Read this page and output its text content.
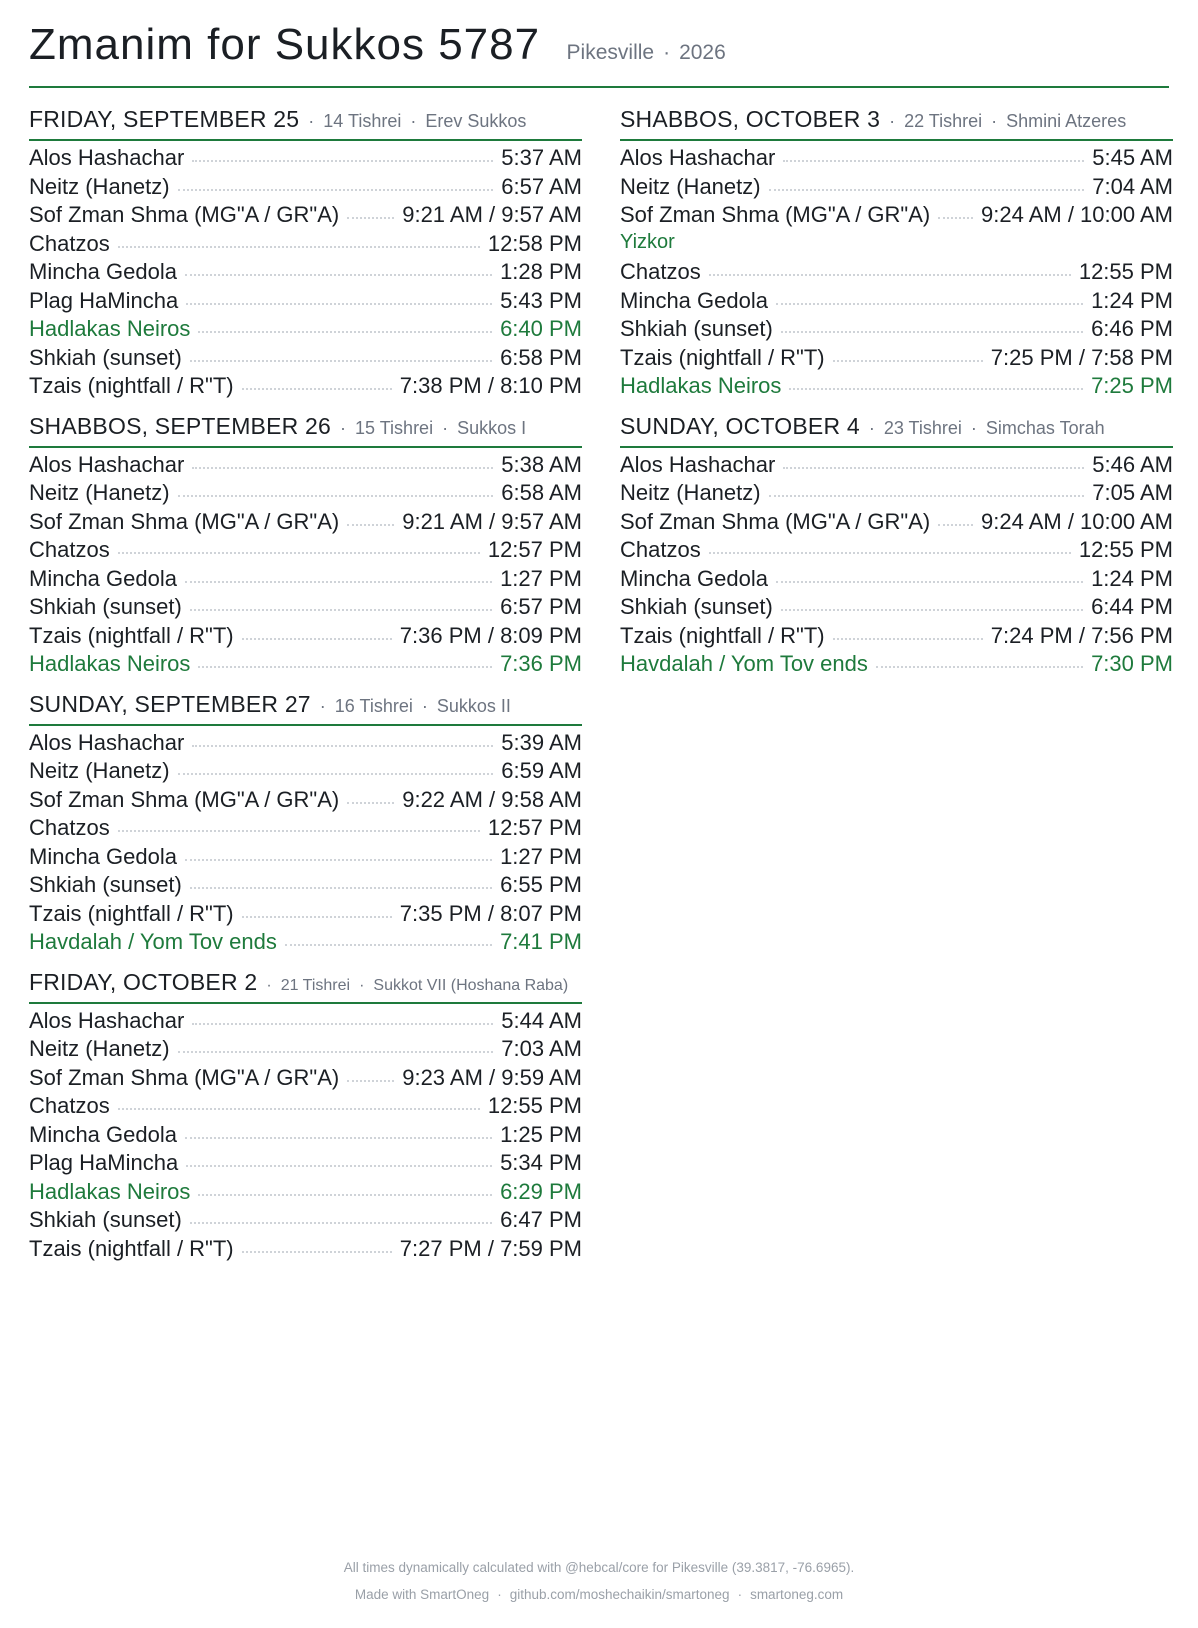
Zmanim for Sukkos 5787 Pikesville · 2026
FRIDAY, SEPTEMBER 25 · 14 Tishrei · Erev Sukkos
Alos Hashachar	5:37 AM
Neitz (Hanetz)	6:57 AM
Sof Zman Shma (MG"A / GR"A)	9:21 AM / 9:57 AM
Chatzos	12:58 PM
Mincha Gedola	1:28 PM
Plag HaMincha	5:43 PM
Hadlakas Neiros	6:40 PM
Shkiah (sunset)	6:58 PM
Tzais (nightfall / R"T)	7:38 PM / 8:10 PM
SHABBOS, SEPTEMBER 26 · 15 Tishrei · Sukkos I
Alos Hashachar	5:38 AM
Neitz (Hanetz)	6:58 AM
Sof Zman Shma (MG"A / GR"A)	9:21 AM / 9:57 AM
Chatzos	12:57 PM
Mincha Gedola	1:27 PM
Shkiah (sunset)	6:57 PM
Tzais (nightfall / R"T)	7:36 PM / 8:09 PM
Hadlakas Neiros	7:36 PM
SUNDAY, SEPTEMBER 27 · 16 Tishrei · Sukkos II
Alos Hashachar	5:39 AM
Neitz (Hanetz)	6:59 AM
Sof Zman Shma (MG"A / GR"A)	9:22 AM / 9:58 AM
Chatzos	12:57 PM
Mincha Gedola	1:27 PM
Shkiah (sunset)	6:55 PM
Tzais (nightfall / R"T)	7:35 PM / 8:07 PM
Havdalah / Yom Tov ends	7:41 PM
FRIDAY, OCTOBER 2 · 21 Tishrei · Sukkot VII (Hoshana Raba)
Alos Hashachar	5:44 AM
Neitz (Hanetz)	7:03 AM
Sof Zman Shma (MG"A / GR"A)	9:23 AM / 9:59 AM
Chatzos	12:55 PM
Mincha Gedola	1:25 PM
Plag HaMincha	5:34 PM
Hadlakas Neiros	6:29 PM
Shkiah (sunset)	6:47 PM
Tzais (nightfall / R"T)	7:27 PM / 7:59 PM
SHABBOS, OCTOBER 3 · 22 Tishrei · Shmini Atzeres
Alos Hashachar	5:45 AM
Neitz (Hanetz)	7:04 AM
Sof Zman Shma (MG"A / GR"A) 9:24 AM / 10:00 AM
Yizkor
Chatzos	12:55 PM
Mincha Gedola	1:24 PM
Shkiah (sunset)	6:46 PM
Tzais (nightfall / R"T)	7:25 PM / 7:58 PM
Hadlakas Neiros	7:25 PM
SUNDAY, OCTOBER 4 · 23 Tishrei · Simchas Torah
Alos Hashachar	5:46 AM
Neitz (Hanetz)	7:05 AM
Sof Zman Shma (MG"A / GR"A) 9:24 AM / 10:00 AM
Chatzos	12:55 PM
Mincha Gedola	1:24 PM
Shkiah (sunset)	6:44 PM
Tzais (nightfall / R"T)	7:24 PM / 7:56 PM
Havdalah / Yom Tov ends	7:30 PM
All times dynamically calculated with @hebcal/core for Pikesville (39.3817, -76.6965).
Made with SmartOneg · github.com/moshechaikin/smartoneg · smartoneg.com
